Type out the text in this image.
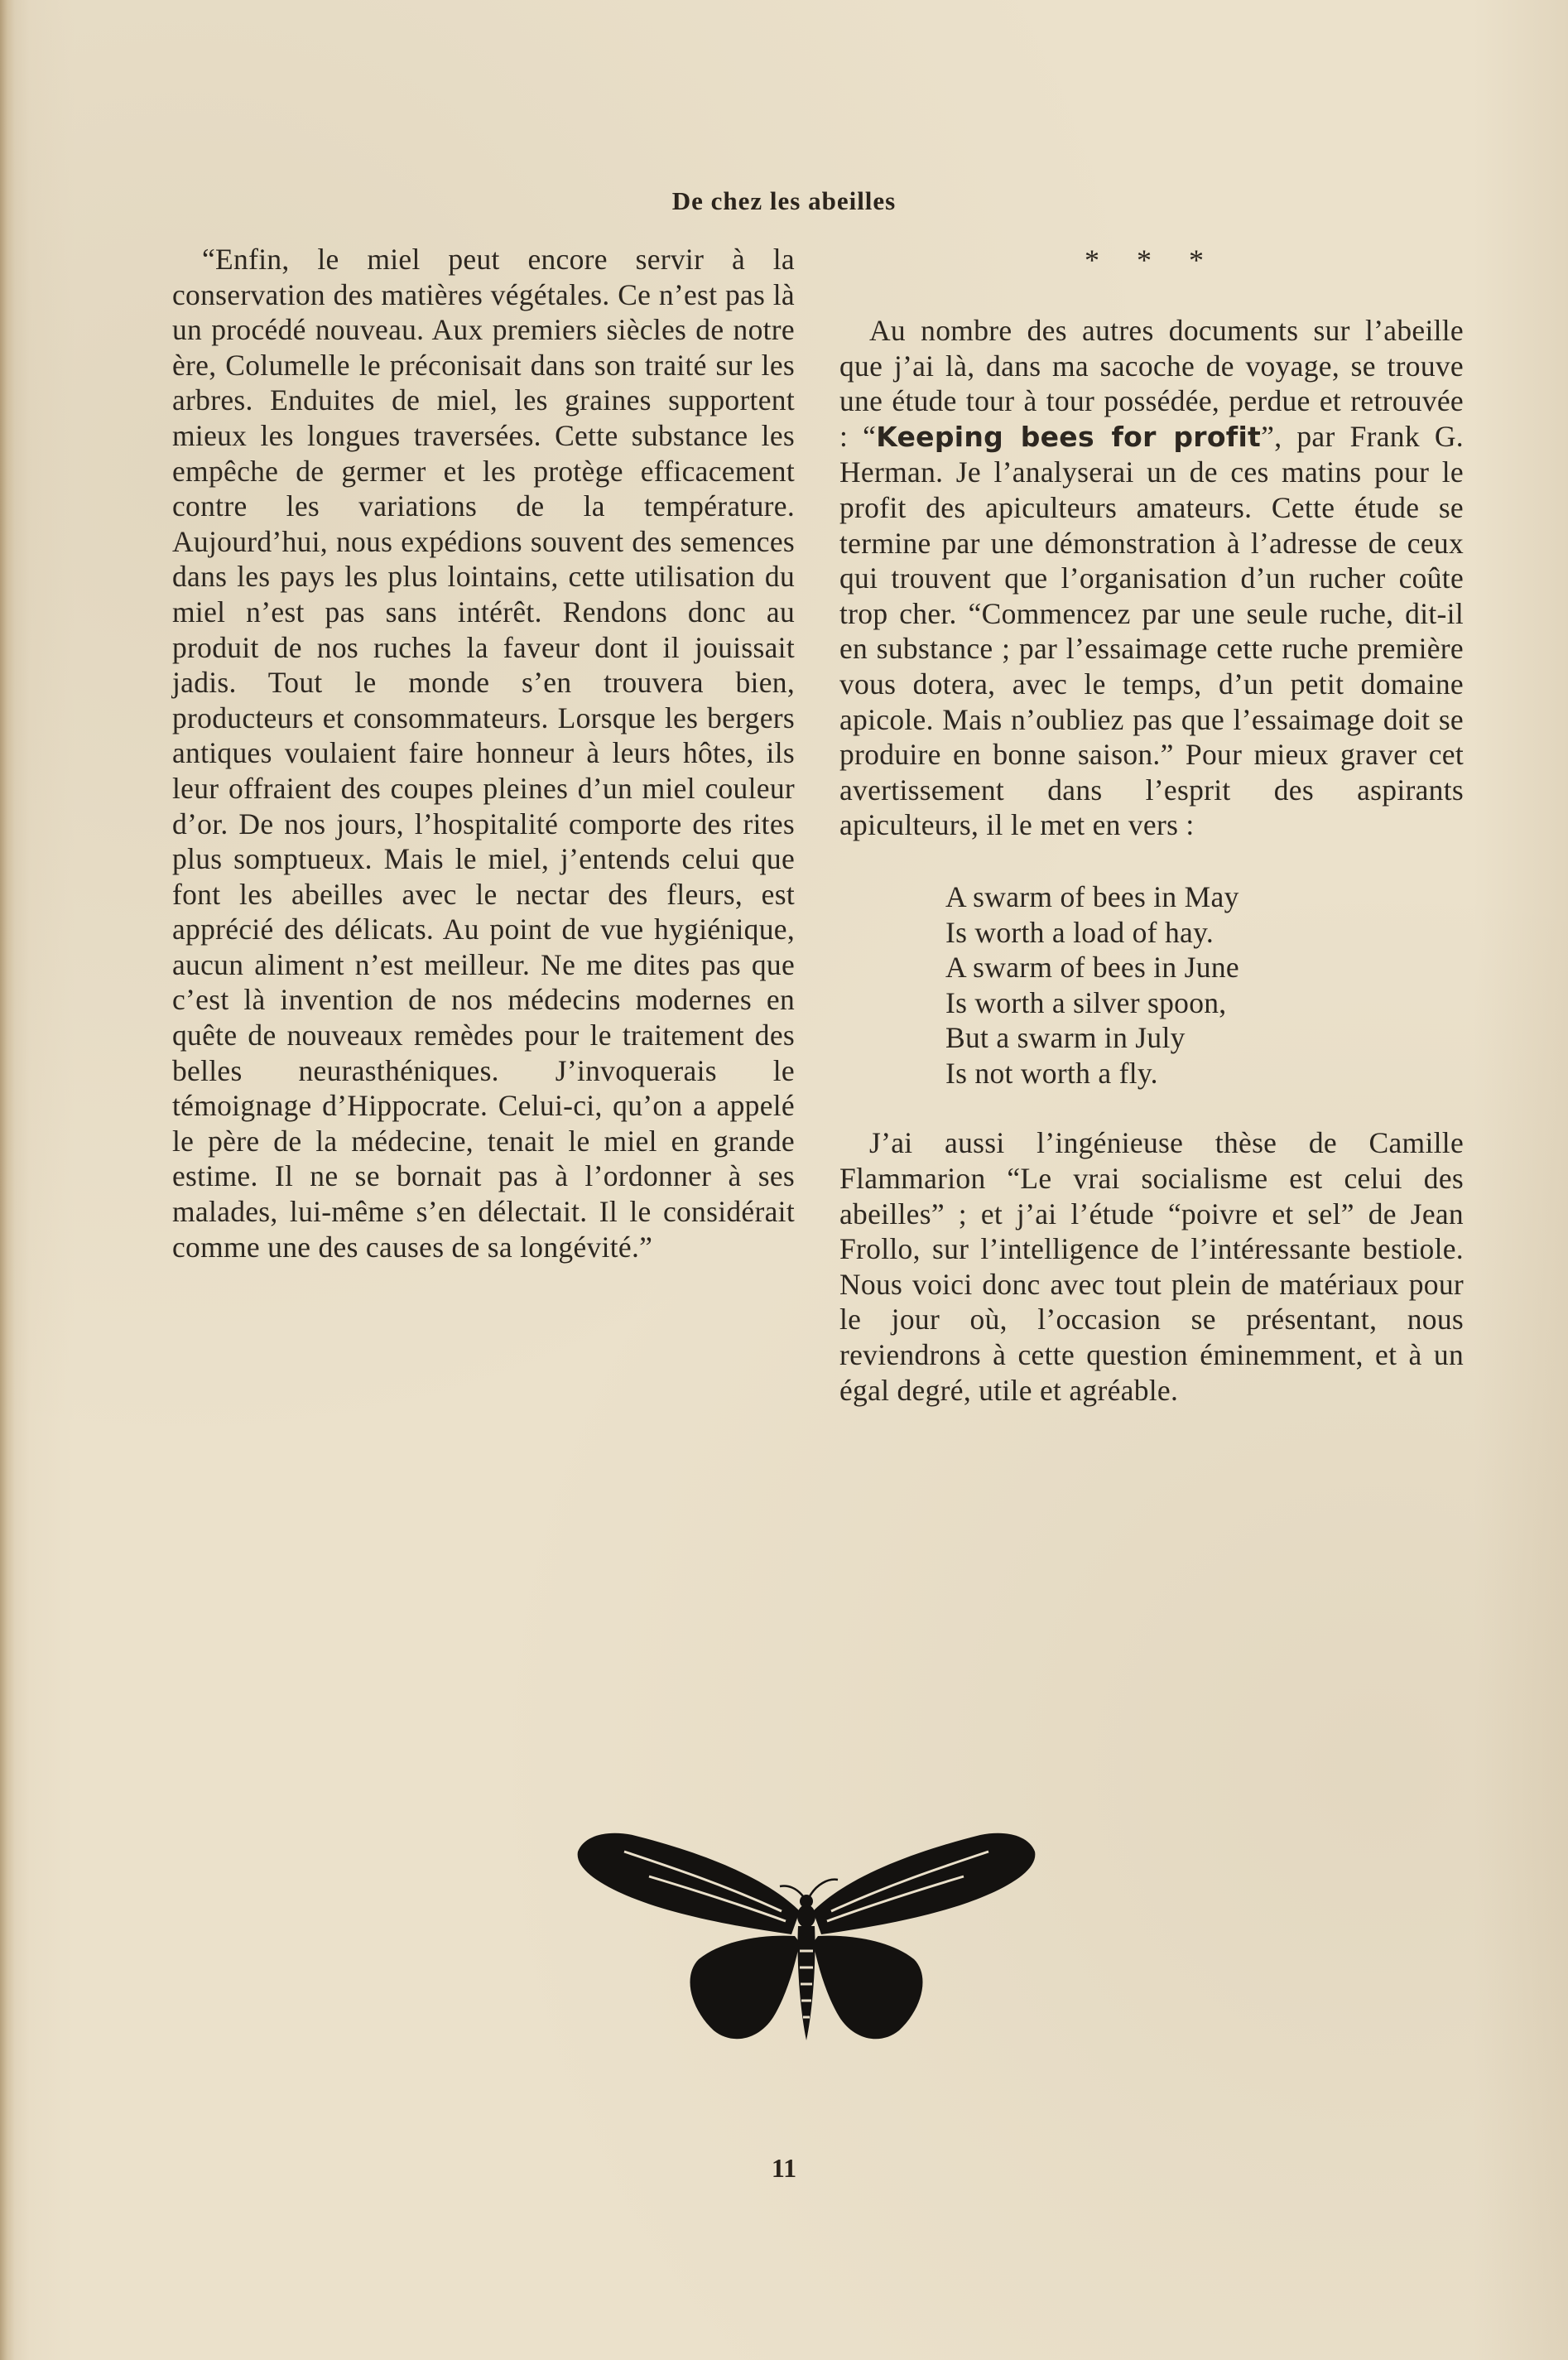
De chez les abeilles

“Enfin, le miel peut encore servir à la conservation des matières végétales. Ce n’est pas là un procédé nouveau. Aux premiers siècles de notre ère, Columelle le préconisait dans son traité sur les arbres. Enduites de miel, les graines supportent mieux les longues traversées. Cette substance les empêche de germer et les protège efficacement contre les variations de la température. Aujourd’hui, nous expédions souvent des semences dans les pays les plus lointains, cette utilisation du miel n’est pas sans intérêt. Rendons donc au produit de nos ruches la faveur dont il jouissait jadis. Tout le monde s’en trouvera bien, producteurs et consommateurs. Lorsque les bergers antiques voulaient faire honneur à leurs hôtes, ils leur offraient des coupes pleines d’un miel couleur d’or. De nos jours, l’hospitalité comporte des rites plus somptueux. Mais le miel, j’entends celui que font les abeilles avec le nectar des fleurs, est apprécié des délicats. Au point de vue hygiénique, aucun aliment n’est meilleur. Ne me dites pas que c’est là invention de nos médecins modernes en quête de nouveaux remèdes pour le traitement des belles neurasthéniques. J’invoquerais le témoignage d’Hippocrate. Celui-ci, qu’on a appelé le père de la médecine, tenait le miel en grande estime. Il ne se bornait pas à l’ordonner à ses malades, lui-même s’en délectait. Il le considérait comme une des causes de sa longévité.”

* * *

Au nombre des autres documents sur l’abeille que j’ai là, dans ma sacoche de voyage, se trouve une étude tour à tour possédée, perdue et retrouvée : “Keeping bees for profit”, par Frank G. Herman. Je l’analyserai un de ces matins pour le profit des apiculteurs amateurs. Cette étude se termine par une démonstration à l’adresse de ceux qui trouvent que l’organisation d’un rucher coûte trop cher. “Commencez par une seule ruche, dit-il en substance ; par l’essaimage cette ruche première vous dotera, avec le temps, d’un petit domaine apicole. Mais n’oubliez pas que l’essaimage doit se produire en bonne saison.” Pour mieux graver cet avertissement dans l’esprit des aspirants apiculteurs, il le met en vers :

A swarm of bees in May
Is worth a load of hay.
A swarm of bees in June
Is worth a silver spoon,
But a swarm in July
Is not worth a fly.

J’ai aussi l’ingénieuse thèse de Camille Flammarion “Le vrai socialisme est celui des abeilles” ; et j’ai l’étude “poivre et sel” de Jean Frollo, sur l’intelligence de l’intéressante bestiole. Nous voici donc avec tout plein de matériaux pour le jour où, l’occasion se présentant, nous reviendrons à cette question éminemment, et à un égal degré, utile et agréable.

11
